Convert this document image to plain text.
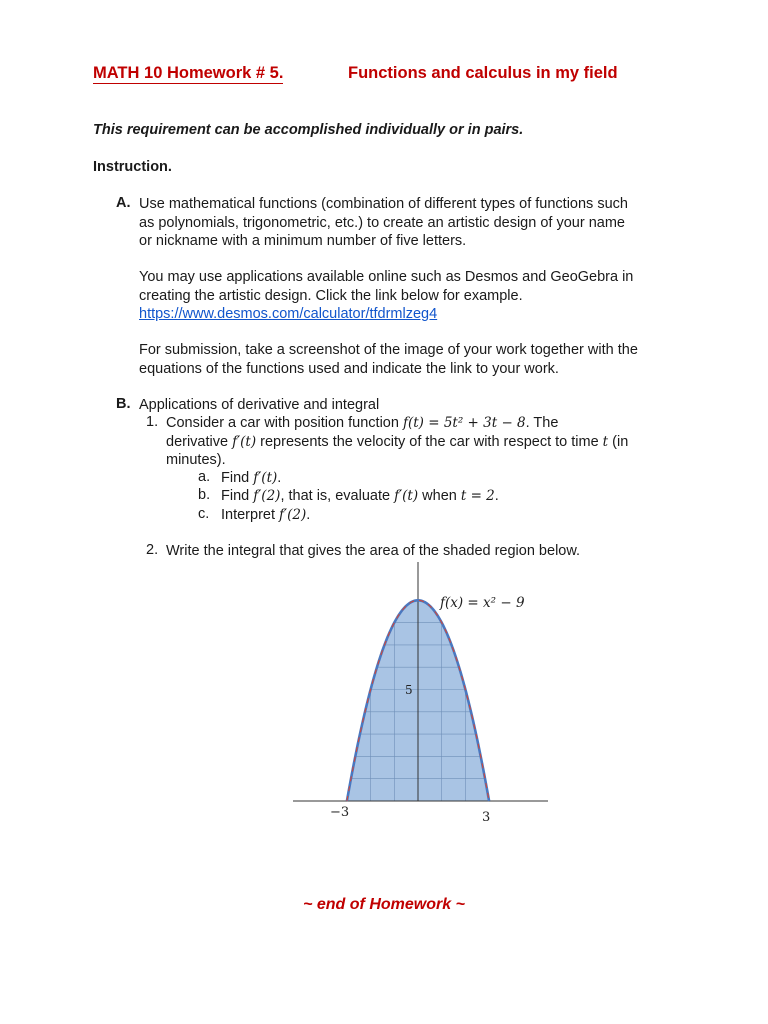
MATH 10 Homework # 5.	Functions and calculus in my field
This requirement can be accomplished individually or in pairs.
Instruction.
A. Use mathematical functions (combination of different types of functions such
as polynomials, trigonometric, etc.) to create an artistic design of your name
or nickname with a minimum number of five letters.
You may use applications available online such as Desmos and GeoGebra in
creating the artistic design. Click the link below for example.
https://www.desmos.com/calculator/tfdrmlzeg4
For submission, take a screenshot of the image of your work together with the
equations of the functions used and indicate the link to your work.
B. Applications of derivative and integral
1. Consider a car with position function f(t) = 5t² + 3t − 8. The
derivative f′(t) represents the velocity of the car with respect to time t (in
minutes).
a. Find f′(t).
b. Find f′(2), that is, evaluate f′(t) when t = 2.
c. Interpret f′(2).
2. Write the integral that gives the area of the shaded region below.
f(x) = x² − 9
−3	3
5
~ end of Homework ~
